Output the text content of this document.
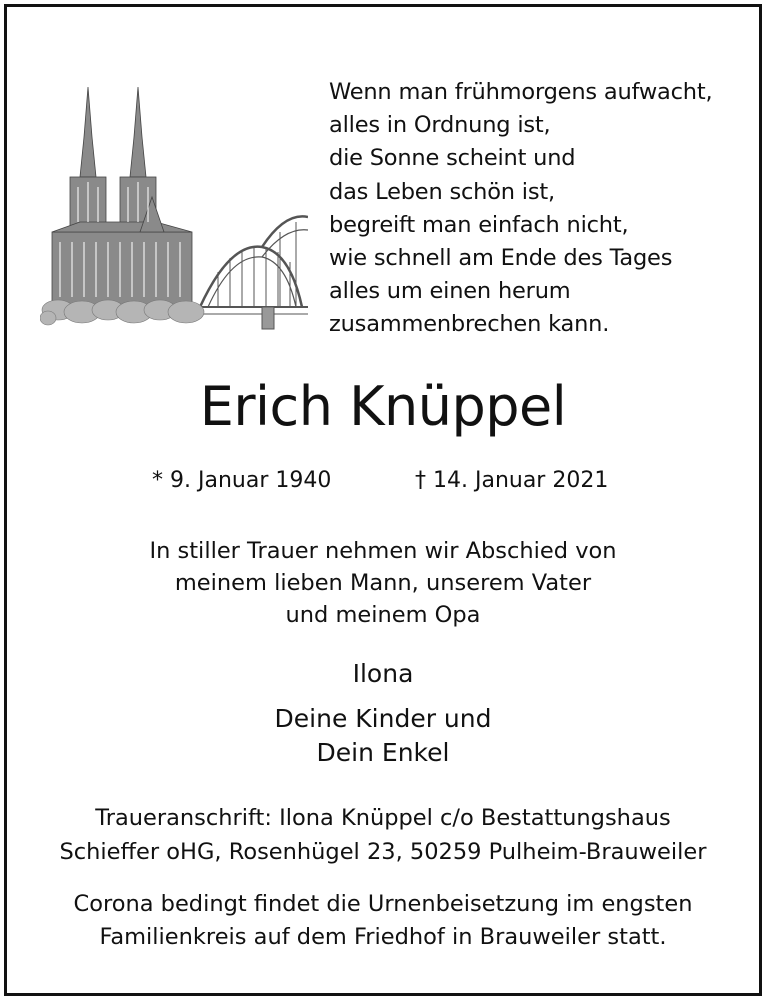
Wenn man frühmorgens aufwacht,
alles in Ordnung ist,
die Sonne scheint und
das Leben schön ist,
begreift man einfach nicht,
wie schnell am Ende des Tages
alles um einen herum
zusammenbrechen kann.
Erich Knüppel
* 9. Januar 1940	† 14. Januar 2021
In stiller Trauer nehmen wir Abschied von
meinem lieben Mann, unserem Vater
und meinem Opa
Ilona
Deine Kinder und
Dein Enkel
Traueranschrift: Ilona Knüppel c/o Bestattungshaus
Schieffer oHG, Rosenhügel 23, 50259 Pulheim-Brauweiler
Corona bedingt findet die Urnenbeisetzung im engsten
Familienkreis auf dem Friedhof in Brauweiler statt.
